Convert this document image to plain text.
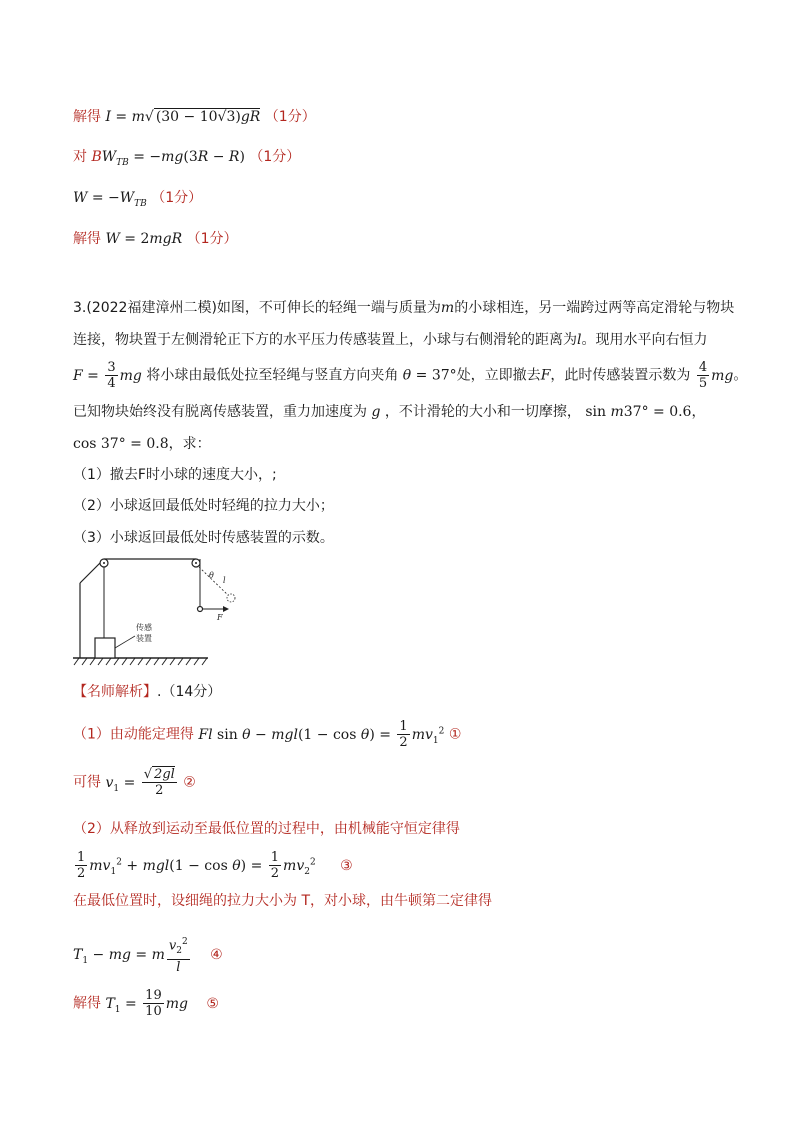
解得 I = m√ (30 − 10√3)gR （1分）
对 $BW_{TB} = -mg(3R - R)$ （1分）
$W = -W_{TB}$ （1分）
解得 W = 2mgR （1分）
3.(2022福建漳州二模)如图，不可伸长的轻绳一端与质量为m的小球相连，另一端跨过两等高定滑轮与物块
连接，物块置于左侧滑轮正下方的水平压力传感装置上，小球与右侧滑轮的距离为l。现用水平向右恒力
$F = \frac{3}{4}$ mg 将小球由最低处拉至轻绳与竖直方向夹角 θ = 37°处，立即撤去F，此时传感装置示数为 $\frac{4}{5}$ mg。
已知物块始终没有脱离传感装置，重力加速度为 g ，不计滑轮的大小和一切摩擦， sin m37° = 0.6，
cos 37° = 0.8，求：
（1）撤去F时小球的速度大小，;
（2）小球返回最低处时轻绳的拉力大小；
（3）小球返回最低处时传感装置的示数。
传感
装置
θ
l
F
【名师解析】.（14分）
（1）由动能定理得 Fl $\sin \theta - mgl(1 - \cos \theta) = \frac{1}{2} mv_1^2$ ①
可得 $v_1 = \frac{√ 2gl}{2}$ ②
（2）从释放到运动至最低位置的过程中，由机械能守恒定律得
$\frac{1}{2} mv_1^2 + mgl(1 - \cos \theta) = \frac{1}{2} mv_2^2$ ③
在最低位置时，设细绳的拉力大小为 T，对小球，由牛顿第二定律得
$T_1$ − mg = m $\frac{v_2^2}{l}$ ④
解得 $T_1 = \frac{19}{10}$ mg ⑤
